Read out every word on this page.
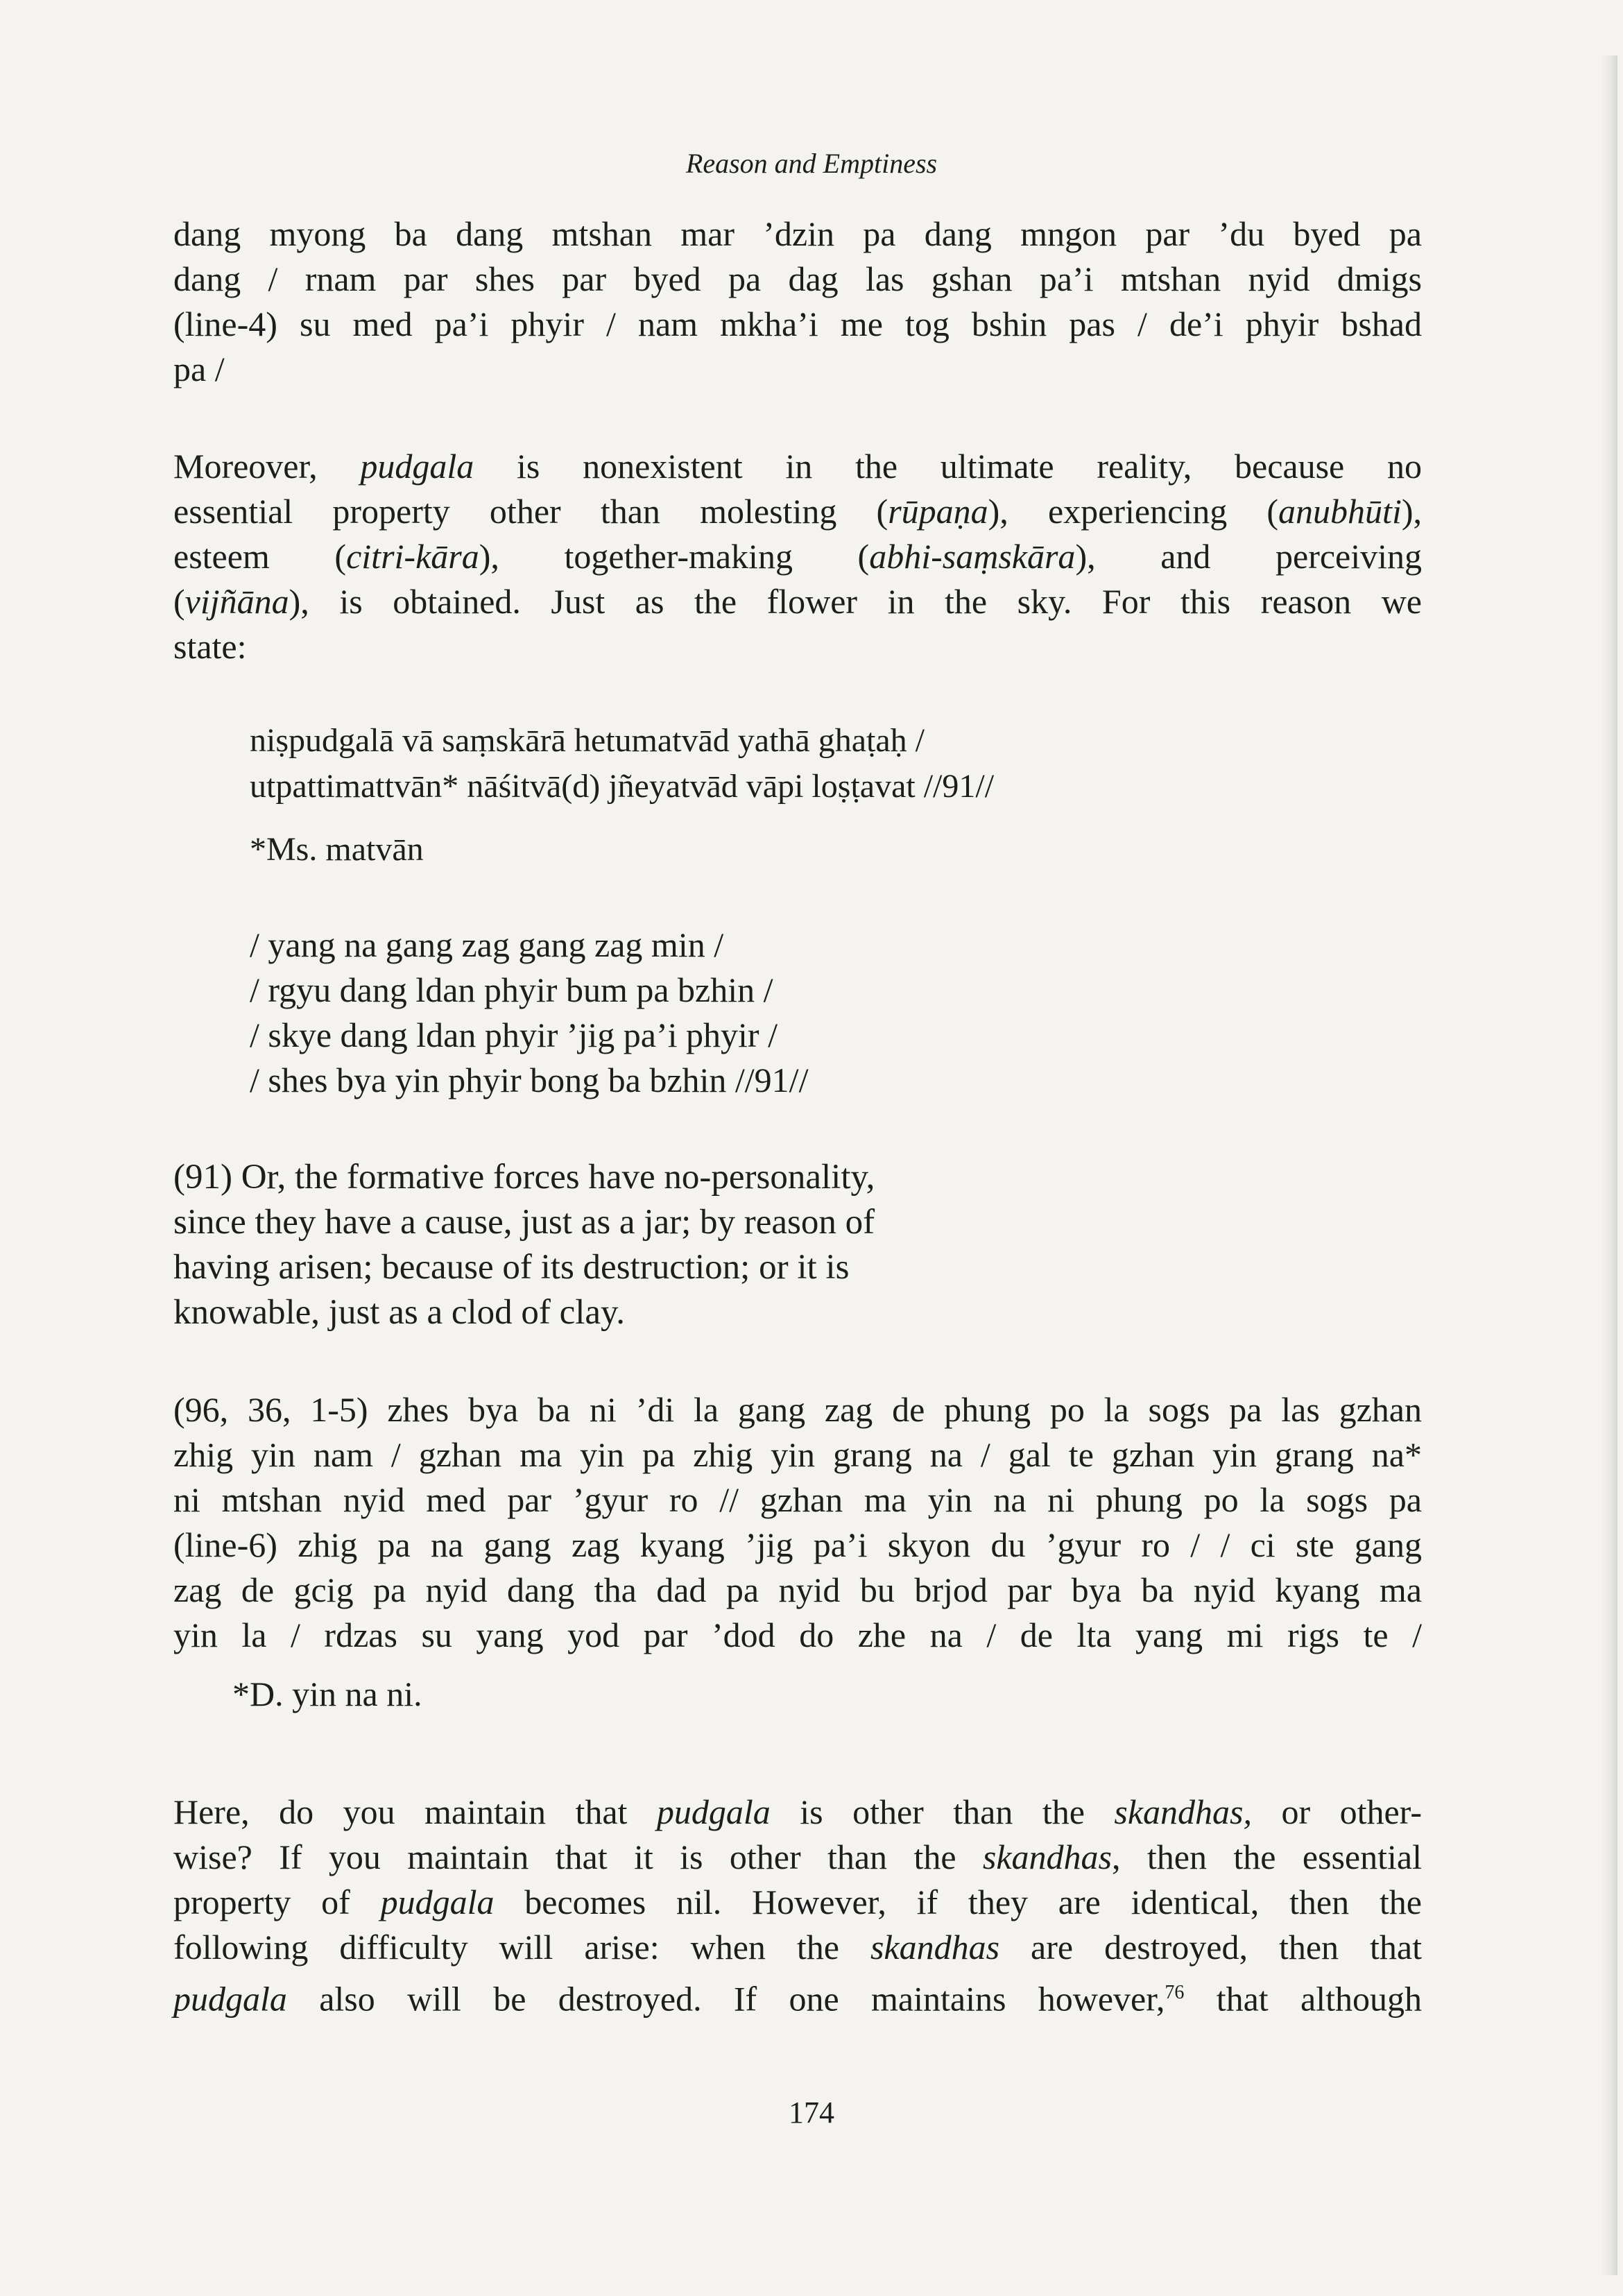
Reason and Emptiness
dang myong ba dang mtshan mar ’dzin pa dang mngon par ’du byed pa
dang / rnam par shes par byed pa dag las gshan pa’i mtshan nyid dmigs
(line-4) su med pa’i phyir / nam mkha’i me tog bshin pas / de’i phyir bshad
pa /
Moreover, pudgala is nonexistent in the ultimate reality, because no
essential property other than molesting (rūpaṇa), experiencing (anubhūti),
esteem (citri-kāra), together-making (abhi-saṃskāra), and perceiving
(vijñāna), is obtained. Just as the flower in the sky. For this reason we
state:
niṣpudgalā vā saṃskārā hetumatvād yathā ghaṭaḥ /
utpattimattvān* nāśitvā(d) jñeyatvād vāpi loṣṭavat //91//
*Ms. matvān
/ yang na gang zag gang zag min /
/ rgyu dang ldan phyir bum pa bzhin /
/ skye dang ldan phyir ’jig pa’i phyir /
/ shes bya yin phyir bong ba bzhin //91//
(91) Or, the formative forces have no-personality,
since they have a cause, just as a jar; by reason of
having arisen; because of its destruction; or it is
knowable, just as a clod of clay.
(96, 36, 1-5) zhes bya ba ni ’di la gang zag de phung po la sogs pa las gzhan
zhig yin nam / gzhan ma yin pa zhig yin grang na / gal te gzhan yin grang na*
ni mtshan nyid med par ’gyur ro // gzhan ma yin na ni phung po la sogs pa
(line-6) zhig pa na gang zag kyang ’jig pa’i skyon du ’gyur ro / / ci ste gang
zag de gcig pa nyid dang tha dad pa nyid bu brjod par bya ba nyid kyang ma
yin la / rdzas su yang yod par ’dod do zhe na / de lta yang mi rigs te /
*D. yin na ni.
Here, do you maintain that pudgala is other than the skandhas, or other-
wise? If you maintain that it is other than the skandhas, then the essential
property of pudgala becomes nil. However, if they are identical, then the
following difficulty will arise: when the skandhas are destroyed, then that
pudgala also will be destroyed. If one maintains however,$^{76}$ that although
174
